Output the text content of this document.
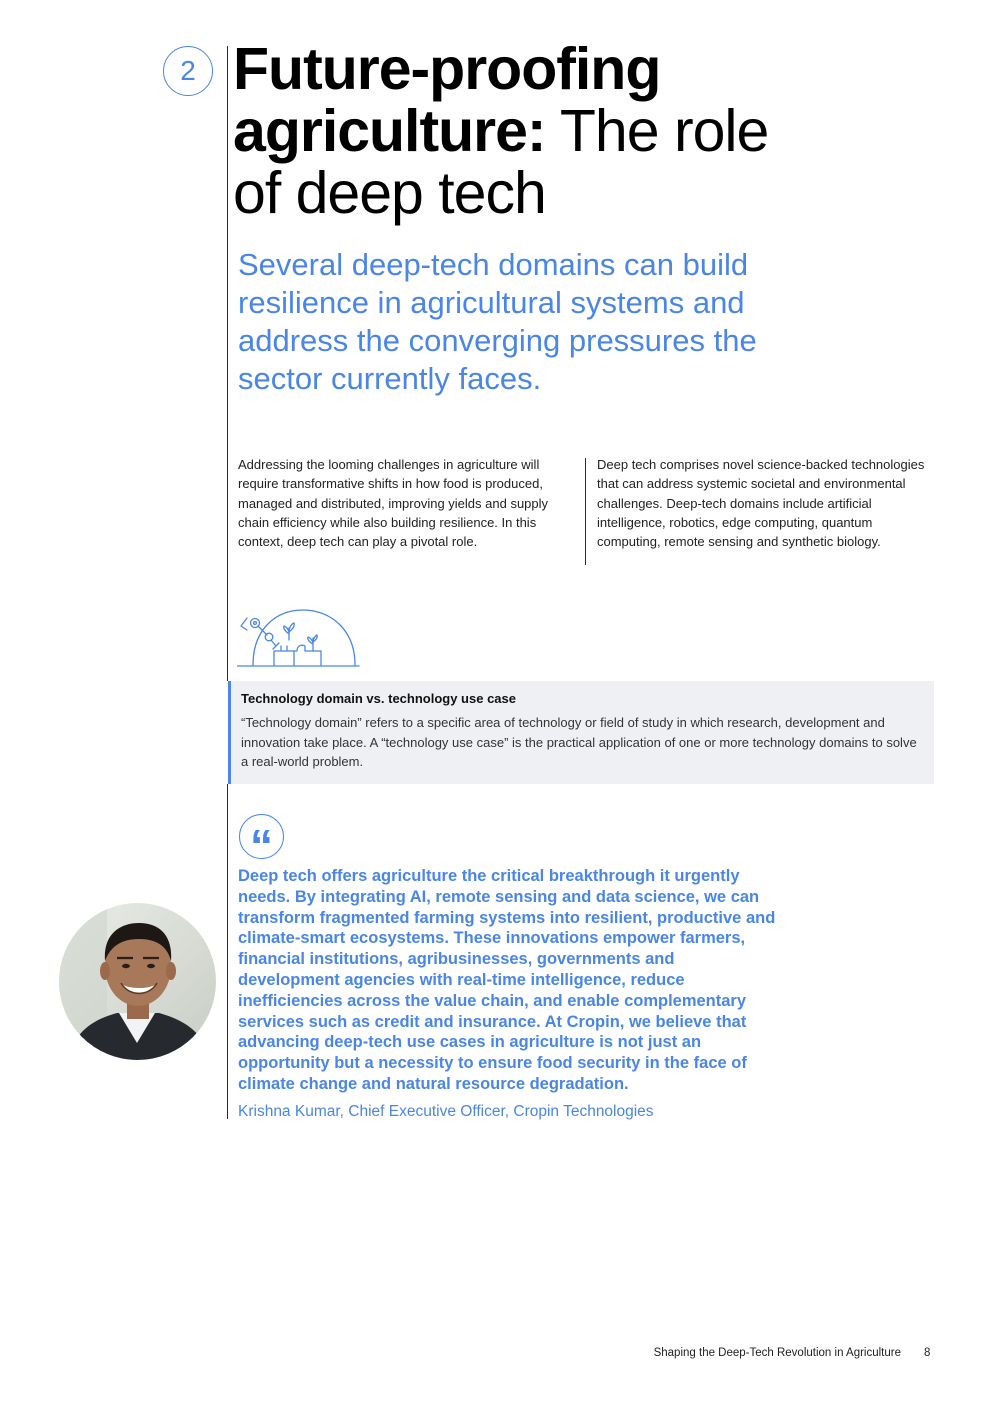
2 Future-proofing
agriculture: The role
of deep tech

Several deep-tech domains can build resilience in agricultural systems and address the converging pressures the sector currently faces.

Addressing the looming challenges in agriculture will require transformative shifts in how food is produced, managed and distributed, improving yields and supply chain efficiency while also building resilience. In this context, deep tech can play a pivotal role.

Deep tech comprises novel science-backed technologies that can address systemic societal and environmental challenges. Deep-tech domains include artificial intelligence, robotics, edge computing, quantum computing, remote sensing and synthetic biology.

Technology domain vs. technology use case

“Technology domain” refers to a specific area of technology or field of study in which research, development and innovation take place. A “technology use case” is the practical application of one or more technology domains to solve a real-world problem.

“

Deep tech offers agriculture the critical breakthrough it urgently needs. By integrating AI, remote sensing and data science, we can transform fragmented farming systems into resilient, productive and climate-smart ecosystems. These innovations empower farmers, financial institutions, agribusinesses, governments and development agencies with real-time intelligence, reduce inefficiencies across the value chain, and enable complementary services such as credit and insurance. At Cropin, we believe that advancing deep-tech use cases in agriculture is not just an opportunity but a necessity to ensure food security in the face of climate change and natural resource degradation.

Krishna Kumar, Chief Executive Officer, Cropin Technologies

Shaping the Deep-Tech Revolution in Agriculture 8
